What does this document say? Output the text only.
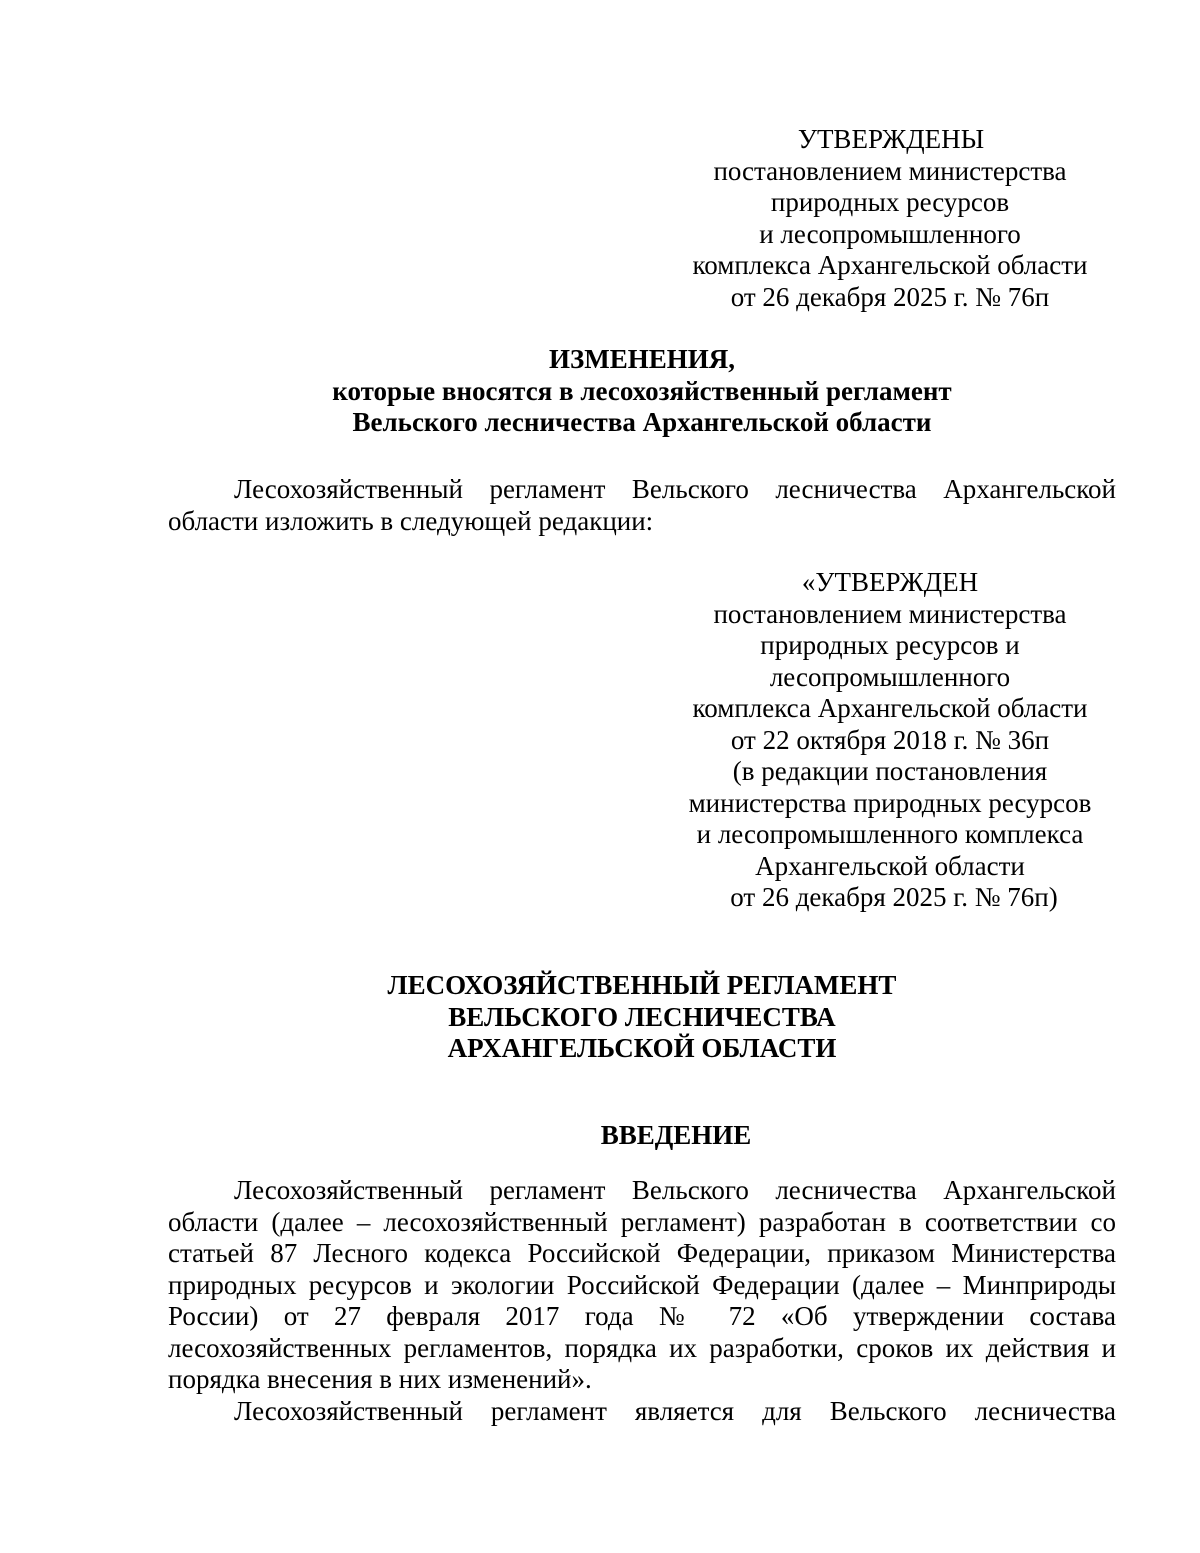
УТВЕРЖДЕНЫ
постановлением министерства
природных ресурсов
и лесопромышленного
комплекса Архангельской области
от 26 декабря 2025 г. № 76п
ИЗМЕНЕНИЯ,
которые вносятся в лесохозяйственный регламент
Вельского лесничества Архангельской области

Лесохозяйственный регламент Вельского лесничества Архангельской области изложить в следующей редакции:

«УТВЕРЖДЕН
постановлением министерства
природных ресурсов и
лесопромышленного
комплекса Архангельской области
от 22 октября 2018 г. № 36п
(в редакции постановления
министерства природных ресурсов
и лесопромышленного комплекса
Архангельской области
от 26 декабря 2025 г. № 76п)
ЛЕСОХОЗЯЙСТВЕННЫЙ РЕГЛАМЕНТ
ВЕЛЬСКОГО ЛЕСНИЧЕСТВА
АРХАНГЕЛЬСКОЙ ОБЛАСТИ
ВВЕДЕНИЕ

Лесохозяйственный регламент Вельского лесничества Архангельской области (далее – лесохозяйственный регламент) разработан в соответствии со статьей 87 Лесного кодекса Российской Федерации, приказом Министерства природных ресурсов и экологии Российской Федерации (далее – Минприроды России) от 27 февраля 2017 года № 72 «Об утверждении состава лесохозяйственных регламентов, порядка их разработки, сроков их действия и порядка внесения в них изменений».

Лесохозяйственный регламент является для Вельского лесничества
